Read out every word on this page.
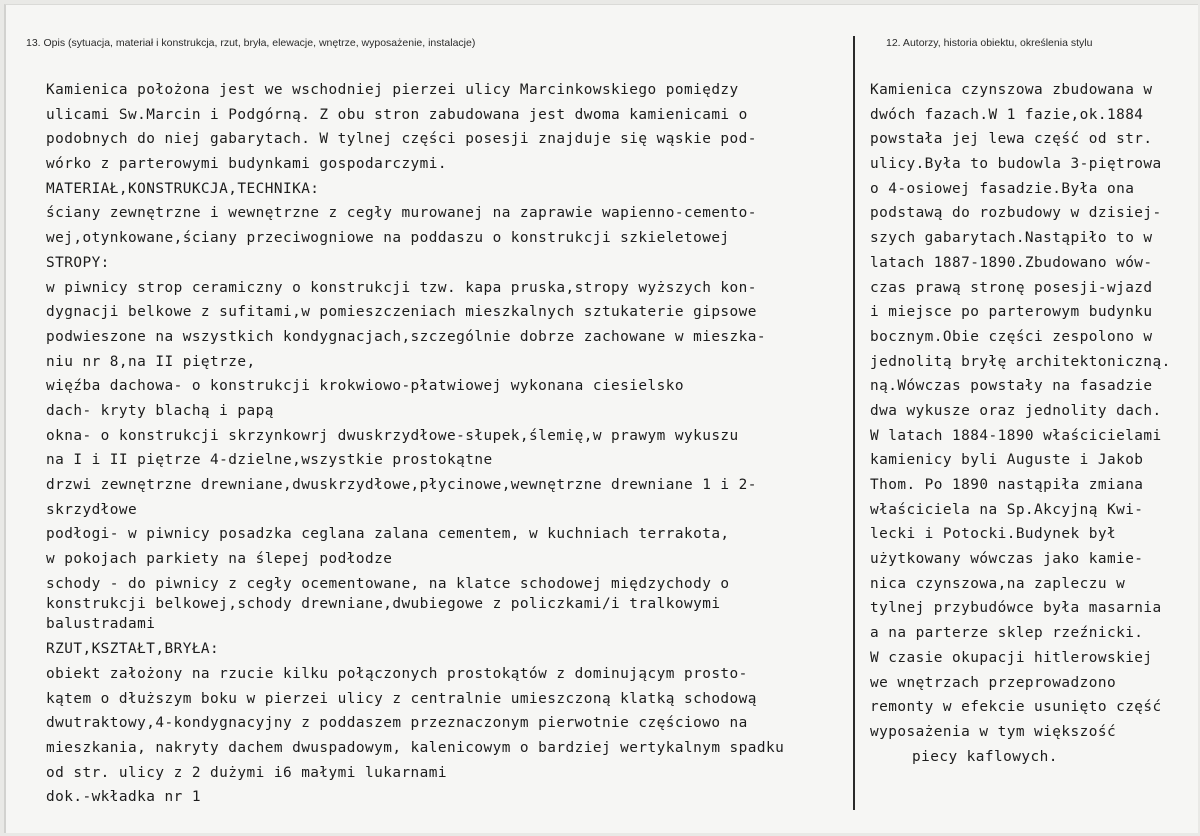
13. Opis (sytuacja, materiał i konstrukcja, rzut, bryła, elewacje, wnętrze, wyposażenie, instalacje)	12. Autorzy, historia obiektu, określenia stylu
Kamienica położona jest we wschodniej pierzei ulicy Marcinkowskiego pomiędzy
ulicami Sw.Marcin i Podgórną. Z obu stron zabudowana jest dwoma kamienicami o
podobnych do niej gabarytach. W tylnej części posesji znajduje się wąskie pod-
wórko z parterowymi budynkami gospodarczymi.
MATERIAŁ,KONSTRUKCJA,TECHNIKA:
ściany zewnętrzne i wewnętrzne z cegły murowanej na zaprawie wapienno-cemento-
wej,otynkowane,ściany przeciwogniowe na poddaszu o konstrukcji szkieletowej
STROPY:
w piwnicy strop ceramiczny o konstrukcji tzw. kapa pruska,stropy wyższych kon-
dygnacji belkowe z sufitami,w pomieszczeniach mieszkalnych sztukaterie gipsowe
podwieszone na wszystkich kondygnacjach,szczególnie dobrze zachowane w mieszka-
niu nr 8,na II piętrze,
więźba dachowa- o konstrukcji krokwiowo-płatwiowej wykonana ciesielsko
dach- kryty blachą i papą
okna- o konstrukcji skrzynkowrj dwuskrzydłowe-słupek,ślemię,w prawym wykuszu
na I i II piętrze 4-dzielne,wszystkie prostokątne
drzwi zewnętrzne drewniane,dwuskrzydłowe,płycinowe,wewnętrzne drewniane 1 i 2-
skrzydłowe
podłogi- w piwnicy posadzka ceglana zalana cementem, w kuchniach terrakota,
w pokojach parkiety na ślepej podłodze
schody - do piwnicy z cegły ocementowane, na klatce schodowej międzychody o
konstrukcji belkowej,schody drewniane,dwubiegowe z policzkami/i tralkowymi
balustradami
RZUT,KSZTAŁT,BRYŁA:
obiekt założony na rzucie kilku połączonych prostokątów z dominującym prosto-
kątem o dłuższym boku w pierzei ulicy z centralnie umieszczoną klatką schodową
dwutraktowy,4-kondygnacyjny z poddaszem przeznaczonym pierwotnie częściowo na
mieszkania, nakryty dachem dwuspadowym, kalenicowym o bardziej wertykalnym spadku
od str. ulicy z 2 dużymi i6 małymi lukarnami
dok.-wkładka nr 1
Kamienica czynszowa zbudowana w
dwóch fazach.W 1 fazie,ok.1884
powstała jej lewa część od str.
ulicy.Była to budowla 3-piętrowa
o 4-osiowej fasadzie.Była ona
podstawą do rozbudowy w dzisiej-
szych gabarytach.Nastąpiło to w
latach 1887-1890.Zbudowano wów-
czas prawą stronę posesji-wjazd
i miejsce po parterowym budynku
bocznym.Obie części zespolono w
jednolitą bryłę architektoniczną.
ną.Wówczas powstały na fasadzie
dwa wykusze oraz jednolity dach.
W latach 1884-1890 właścicielami
kamienicy byli Auguste i Jakob
Thom. Po 1890 nastąpiła zmiana
właściciela na Sp.Akcyjną Kwi-
lecki i Potocki.Budynek był
użytkowany wówczas jako kamie-
nica czynszowa,na zapleczu w
tylnej przybudówce była masarnia
a na parterze sklep rzeźnicki.
W czasie okupacji hitlerowskiej
we wnętrzach przeprowadzono
remonty w efekcie usunięto część
wyposażenia w tym większość
piecy kaflowych.
